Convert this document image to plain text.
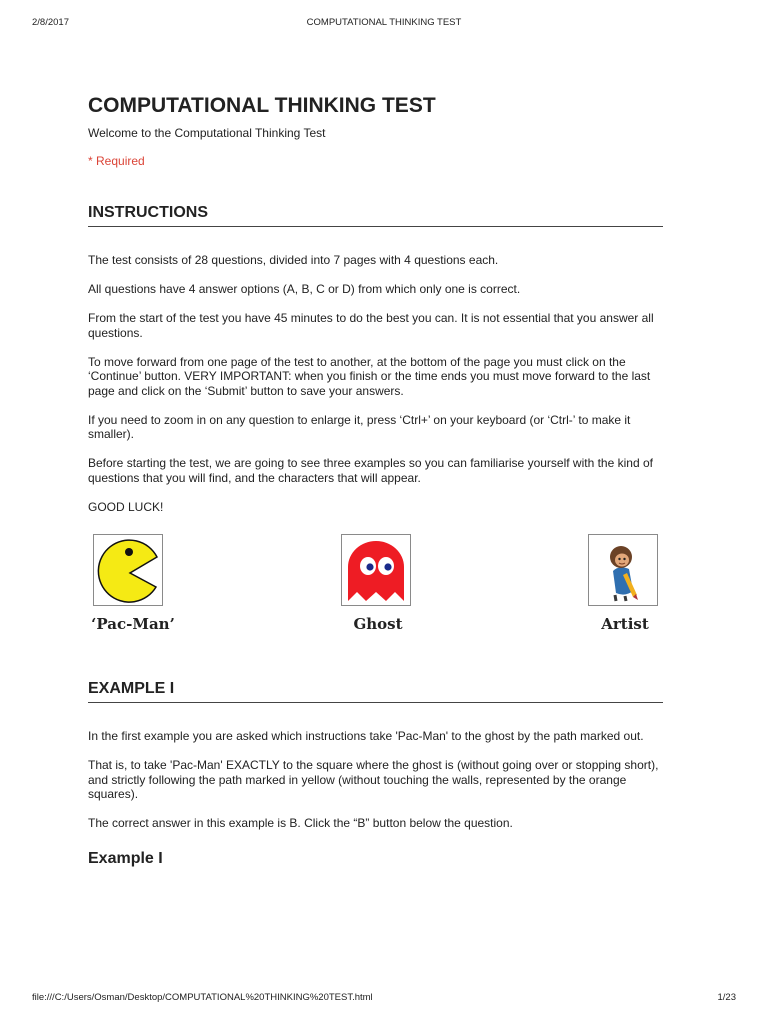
2/8/2017	COMPUTATIONAL THINKING TEST
COMPUTATIONAL THINKING TEST
Welcome to the Computational Thinking Test
* Required
INSTRUCTIONS

The test consists of 28 questions, divided into 7 pages with 4 questions each.

All questions have 4 answer options (A, B, C or D) from which only one is correct.

From the start of the test you have 45 minutes to do the best you can. It is not essential that you answer all questions.

To move forward from one page of the test to another, at the bottom of the page you must click on the ‘Continue’ button. VERY IMPORTANT: when you finish or the time ends you must move forward to the last page and click on the ‘Submit’ button to save your answers.

If you need to zoom in on any question to enlarge it, press ‘Ctrl+’ on your keyboard (or ‘Ctrl-’ to make it smaller).

Before starting the test, we are going to see three examples so you can familiarise yourself with the kind of questions that you will find, and the characters that will appear.

GOOD LUCK!

‘Pac-Man’	Ghost	Artist
EXAMPLE I

In the first example you are asked which instructions take 'Pac-Man' to the ghost by the path marked out.

That is, to take 'Pac-Man' EXACTLY to the square where the ghost is (without going over or stopping short), and strictly following the path marked in yellow (without touching the walls, represented by the orange squares).

The correct answer in this example is B. Click the “B” button below the question.

Example I
file:///C:/Users/Osman/Desktop/COMPUTATIONAL%20THINKING%20TEST.html	1/23
